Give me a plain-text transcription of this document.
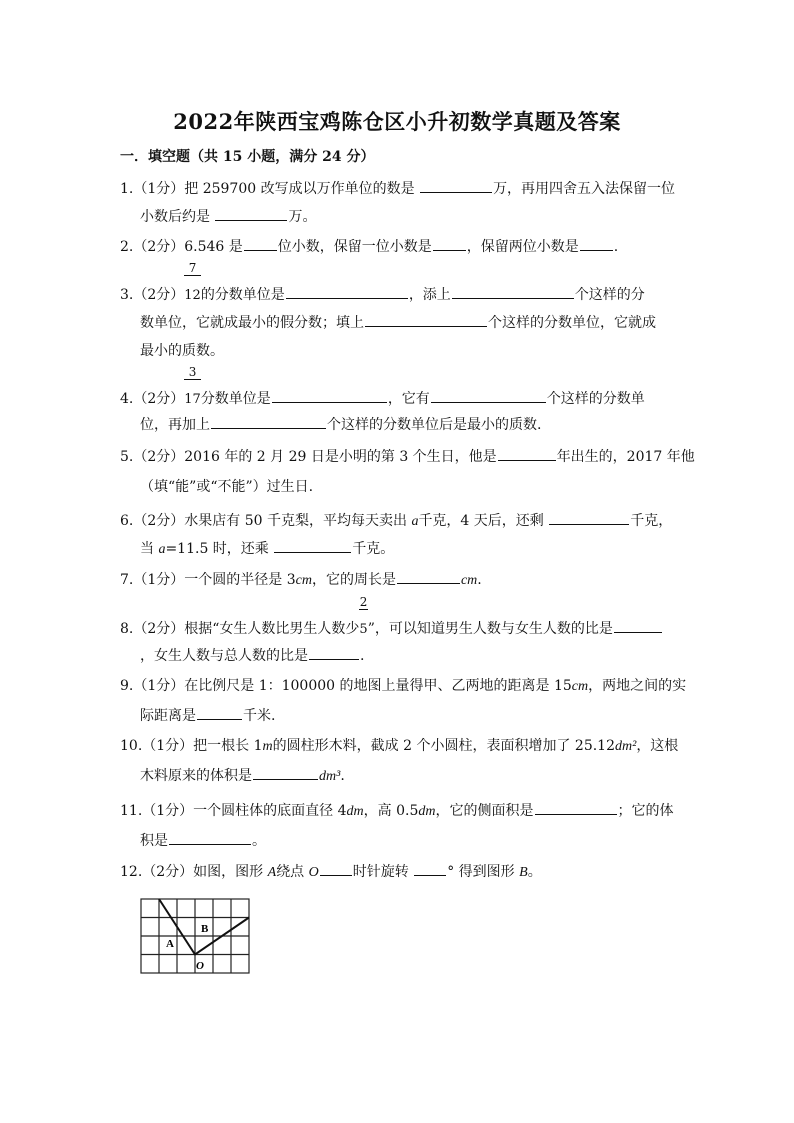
2022年陕西宝鸡陈仓区小升初数学真题及答案
一．填空题（共 15 小题，满分 24 分）
1.（1分）把 259700 改写成以万作单位的数是	万，再用四舍五入法保留一位
小数后约是	万。
2.（2分）6.546 是	位小数，保留一位小数是	，保留两位小数是	.
3.（2分） $\frac{7}{12}$的分数单位是	，添上	个这样的分
数单位，它就成最小的假分数；填上	个这样的分数单位，它就成
最小的质数。
4.（2分） $\frac{3}{17}$分数单位是	，它有	个这样的分数单
位，再加上	个这样的分数单位后是最小的质数.
5.（2分）2016 年的 2 月 29 日是小明的第 3 个生日，他是	年出生的，2017 年他
（填“能”或“不能”）过生日.
6.（2分）水果店有 50 千克梨，平均每天卖出 a千克，4 天后，还剩	千克，
当 a=11.5 时，还乘	千克。
7.（1分）一个圆的半径是 3cm，它的周长是	cm.
8.（2分）根据“女生人数比男生人数少 $\frac{2}{5}$”，可以知道男生人数与女生人数的比是
，女生人数与总人数的比是	.
9.（1分）在比例尺是 1：100000 的地图上量得甲、乙两地的距离是 15cm，两地之间的实
际距离是	千米.
10.（1分）把一根长 1m的圆柱形木料，截成 2 个小圆柱，表面积增加了 25.12dm²，这根
木料原来的体积是	dm³.
11.（1分）一个圆柱体的底面直径 4dm，高 0.5dm，它的侧面积是	；它的体
积是	。
12.（2分）如图，图形 A绕点 O 时针旋转 ° 得到图形 B。
A
B
O
